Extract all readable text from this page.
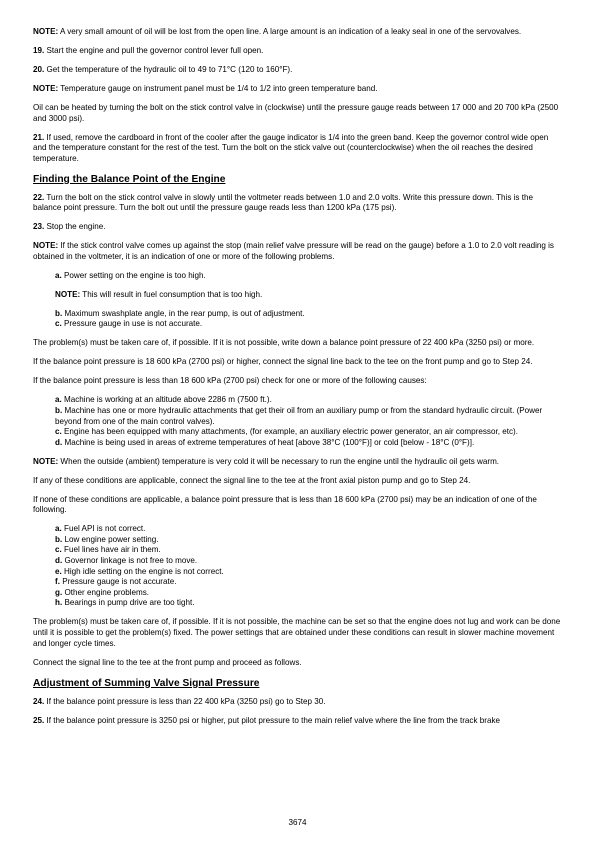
NOTE: A very small amount of oil will be lost from the open line. A large amount is an indication of a leaky seal in one of the servovalves.

19. Start the engine and pull the governor control lever full open.

20. Get the temperature of the hydraulic oil to 49 to 71°C (120 to 160°F).

NOTE: Temperature gauge on instrument panel must be 1/4 to 1/2 into green temperature band.

Oil can be heated by turning the bolt on the stick control valve in (clockwise) until the pressure gauge reads between 17 000 and 20 700 kPa (2500 and 3000 psi).

21. If used, remove the cardboard in front of the cooler after the gauge indicator is 1/4 into the green band. Keep the governor control wide open and the temperature constant for the rest of the test. Turn the bolt on the stick valve out (counterclockwise) when the oil reaches the desired temperature.

Finding the Balance Point of the Engine

22. Turn the bolt on the stick control valve in slowly until the voltmeter reads between 1.0 and 2.0 volts. Write this pressure down. This is the balance point pressure. Turn the bolt out until the pressure gauge reads less than 1200 kPa (175 psi).

23. Stop the engine.

NOTE: If the stick control valve comes up against the stop (main relief valve pressure will be read on the gauge) before a 1.0 to 2.0 volt reading is obtained in the voltmeter, it is an indication of one or more of the following problems.

a. Power setting on the engine is too high.

NOTE: This will result in fuel consumption that is too high.

b. Maximum swashplate angle, in the rear pump, is out of adjustment.

c. Pressure gauge in use is not accurate.

The problem(s) must be taken care of, if possible. If it is not possible, write down a balance point pressure of 22 400 kPa (3250 psi) or more.

If the balance point pressure is 18 600 kPa (2700 psi) or higher, connect the signal line back to the tee on the front pump and go to Step 24.

If the balance point pressure is less than 18 600 kPa (2700 psi) check for one or more of the following causes:

a. Machine is working at an altitude above 2286 m (7500 ft.).

b. Machine has one or more hydraulic attachments that get their oil from an auxiliary pump or from the standard hydraulic circuit. (Power beyond from one of the main control valves).

c. Engine has been equipped with many attachments, (for example, an auxiliary electric power generator, an air compressor, etc).

d. Machine is being used in areas of extreme temperatures of heat [above 38°C (100°F)] or cold [below - 18°C (0°F)].

NOTE: When the outside (ambient) temperature is very cold it will be necessary to run the engine until the hydraulic oil gets warm.

If any of these conditions are applicable, connect the signal line to the tee at the front axial piston pump and go to Step 24.

If none of these conditions are applicable, a balance point pressure that is less than 18 600 kPa (2700 psi) may be an indication of one of the following.

a. Fuel API is not correct.

b. Low engine power setting.

c. Fuel lines have air in them.

d. Governor linkage is not free to move.

e. High idle setting on the engine is not correct.

f. Pressure gauge is not accurate.

g. Other engine problems.

h. Bearings in pump drive are too tight.

The problem(s) must be taken care of, if possible. If it is not possible, the machine can be set so that the engine does not lug and work can be done until it is possible to get the problem(s) fixed. The power settings that are obtained under these conditions can result in slower machine movement and longer cycle times.

Connect the signal line to the tee at the front pump and proceed as follows.

Adjustment of Summing Valve Signal Pressure

24. If the balance point pressure is less than 22 400 kPa (3250 psi) go to Step 30.

25. If the balance point pressure is 3250 psi or higher, put pilot pressure to the main relief valve where the line from the track brake

3674
